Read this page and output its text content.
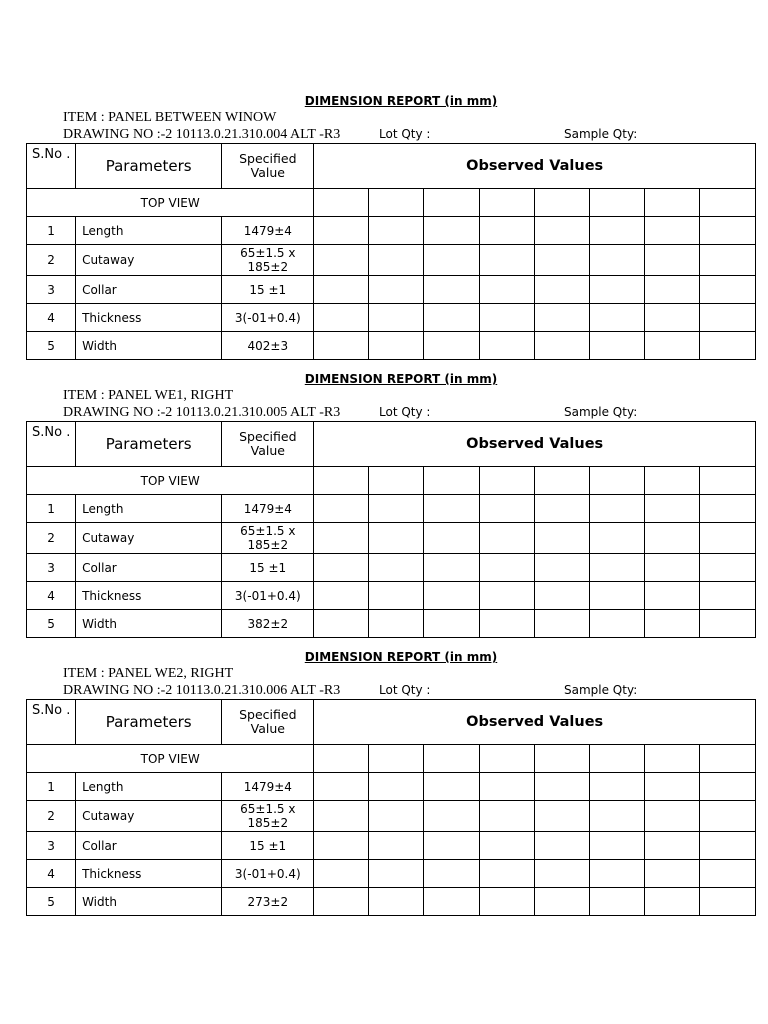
DIMENSION REPORT (in mm)
ITEM : PANEL BETWEEN WINOW
DRAWING NO :-2 10113.0.21.310.004 ALT -R3	Lot Qty :	Sample Qty:
S.No .	Parameters	Specified Value	Observed Values							
TOP VIEW										
1	Length	1479±4								
2	Cutaway	65±1.5 x 185±2								
3	Collar	15 ±1								
4	Thickness	3(-01+0.4)								
5	Width	402±3								
DIMENSION REPORT (in mm)
ITEM : PANEL WE1, RIGHT
DRAWING NO :-2 10113.0.21.310.005 ALT -R3	Lot Qty :	Sample Qty:
S.No .	Parameters	Specified Value	Observed Values							
TOP VIEW										
1	Length	1479±4								
2	Cutaway	65±1.5 x 185±2								
3	Collar	15 ±1								
4	Thickness	3(-01+0.4)								
5	Width	382±2								
DIMENSION REPORT (in mm)
ITEM : PANEL WE2, RIGHT
DRAWING NO :-2 10113.0.21.310.006 ALT -R3	Lot Qty :	Sample Qty:
S.No .	Parameters	Specified Value	Observed Values							
TOP VIEW										
1	Length	1479±4								
2	Cutaway	65±1.5 x 185±2								
3	Collar	15 ±1								
4	Thickness	3(-01+0.4)								
5	Width	273±2								
